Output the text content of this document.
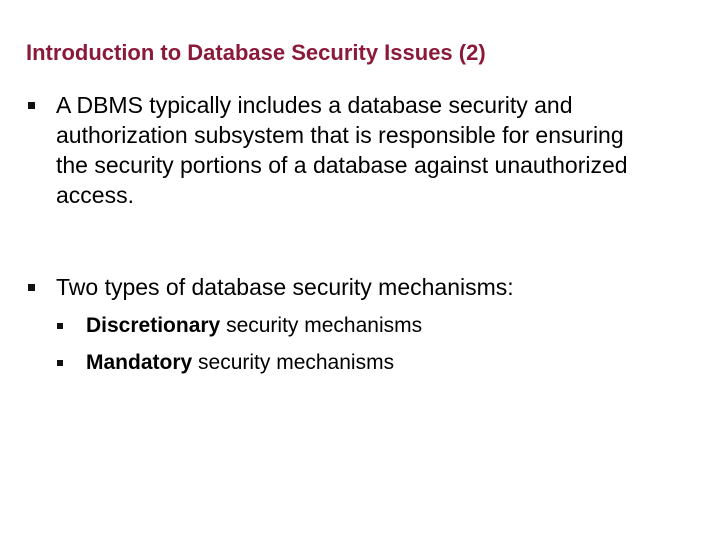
Introduction to Database Security Issues (2)
A DBMS typically includes a database security and authorization subsystem that is responsible for ensuring the security portions of a database against unauthorized access.
Two types of database security mechanisms:
Discretionary security mechanisms
Mandatory security mechanisms
